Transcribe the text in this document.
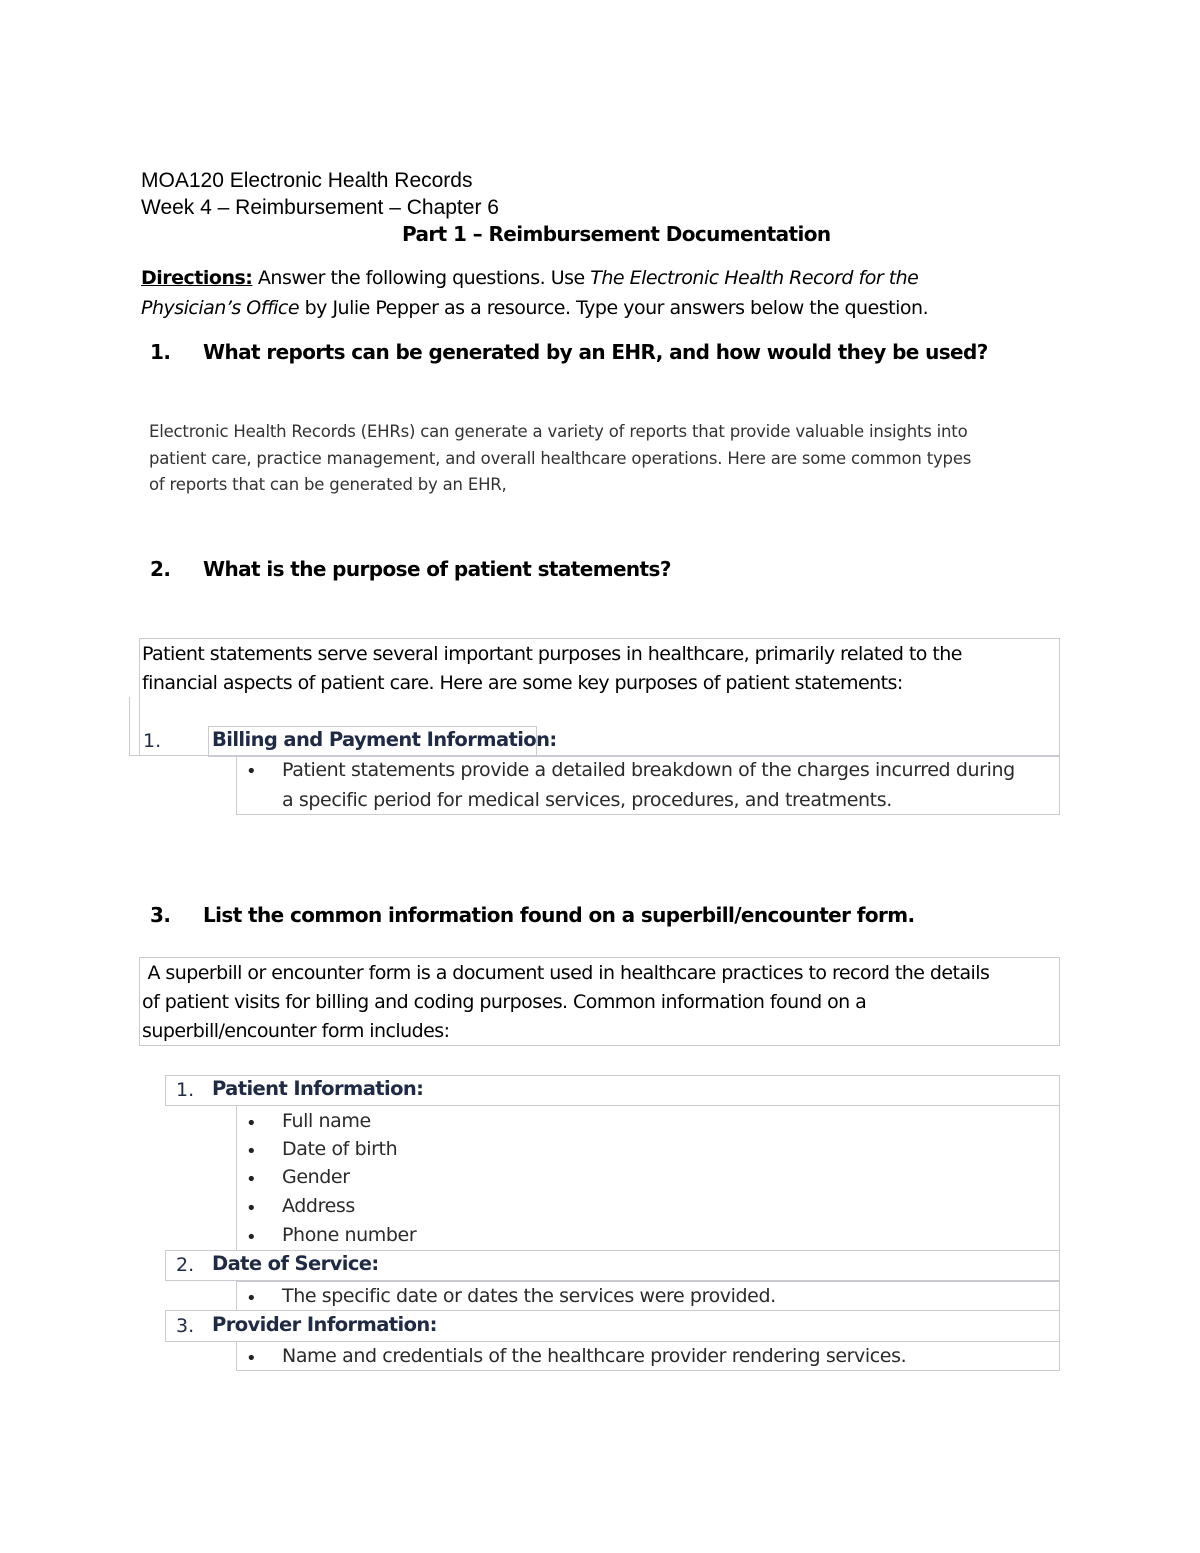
MOA120 Electronic Health Records
Week 4 – Reimbursement – Chapter 6
Part 1 – Reimbursement Documentation
Directions: Answer the following questions. Use The Electronic Health Record for the
Physician’s Office by Julie Pepper as a resource. Type your answers below the question.
1. What reports can be generated by an EHR, and how would they be used?
Electronic Health Records (EHRs) can generate a variety of reports that provide valuable insights into
patient care, practice management, and overall healthcare operations. Here are some common types
of reports that can be generated by an EHR,
2. What is the purpose of patient statements?
Patient statements serve several important purposes in healthcare, primarily related to the
financial aspects of patient care. Here are some key purposes of patient statements:
1.	Billing and Payment Information:
• Patient statements provide a detailed breakdown of the charges incurred during
a specific period for medical services, procedures, and treatments.
3. List the common information found on a superbill/encounter form.
A superbill or encounter form is a document used in healthcare practices to record the details
of patient visits for billing and coding purposes. Common information found on a
superbill/encounter form includes:
1. Patient Information:
• Full name
• Date of birth
• Gender
• Address
• Phone number
2. Date of Service:
• The specific date or dates the services were provided.
3. Provider Information:
• Name and credentials of the healthcare provider rendering services.
